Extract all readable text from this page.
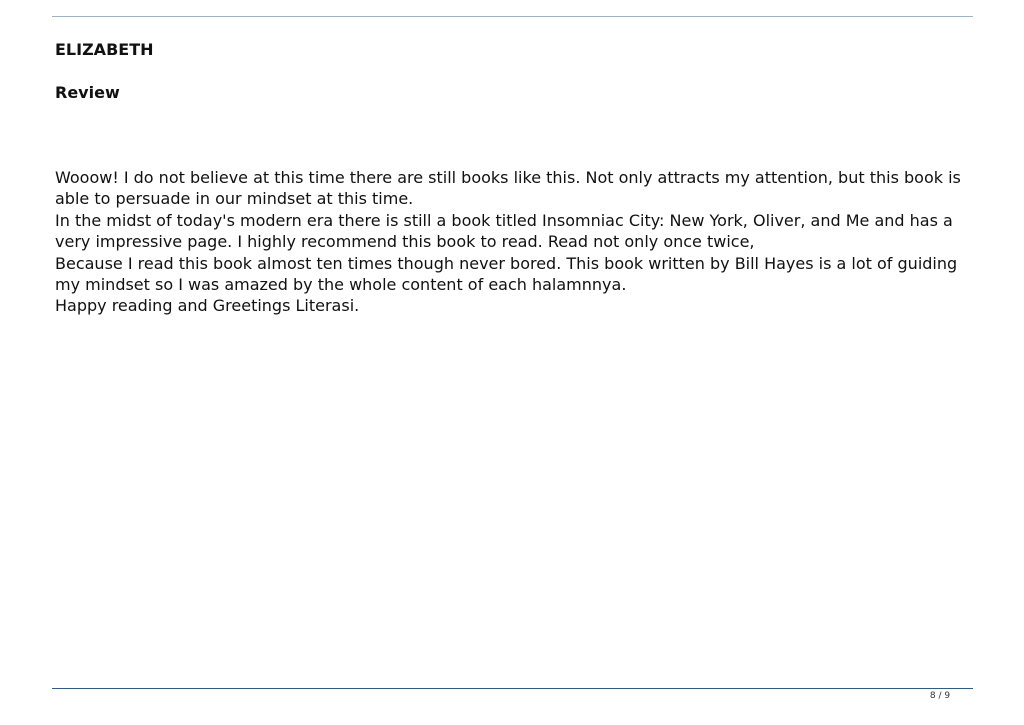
ELIZABETH
Review

Wooow! I do not believe at this time there are still books like this. Not only attracts my attention, but this book is able to persuade in our mindset at this time.

In the midst of today's modern era there is still a book titled Insomniac City: New York, Oliver, and Me and has a very impressive page. I highly recommend this book to read. Read not only once twice,

Because I read this book almost ten times though never bored. This book written by Bill Hayes is a lot of guiding my mindset so I was amazed by the whole content of each halamnnya.

Happy reading and Greetings Literasi.

8 / 9
